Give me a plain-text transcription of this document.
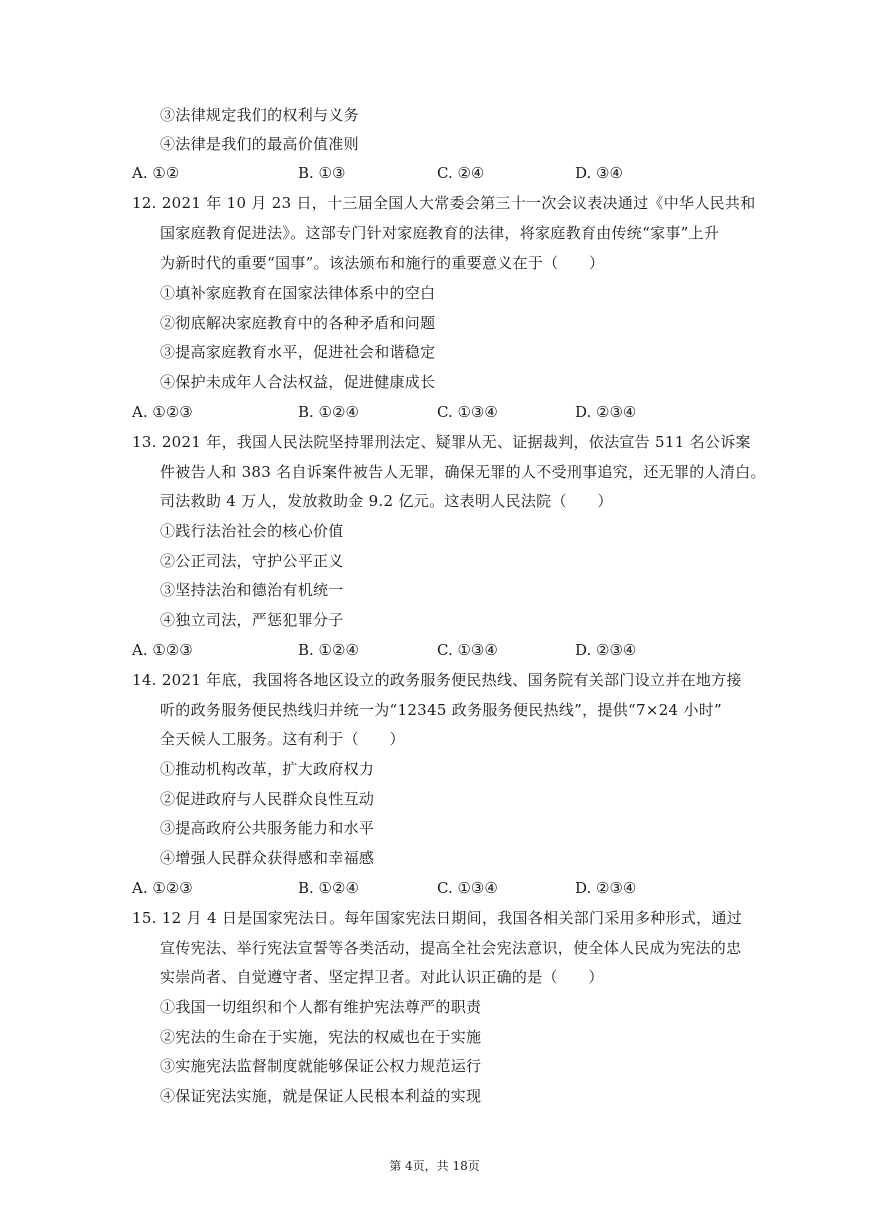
③法律规定我们的权利与义务
④法律是我们的最高价值准则
A. ①②	B. ①③	C. ②④	D. ③④
12. 2021 年 10 月 23 日，十三届全国人大常委会第三十一次会议表决通过《中华人民共和
国家庭教育促进法》。这部专门针对家庭教育的法律，将家庭教育由传统“家事”上升
为新时代的重要“国事”。该法颁布和施行的重要意义在于（　　）
①填补家庭教育在国家法律体系中的空白
②彻底解决家庭教育中的各种矛盾和问题
③提高家庭教育水平，促进社会和谐稳定
④保护未成年人合法权益，促进健康成长
A. ①②③	B. ①②④	C. ①③④	D. ②③④
13. 2021 年，我国人民法院坚持罪刑法定、疑罪从无、证据裁判，依法宣告 511 名公诉案
件被告人和 383 名自诉案件被告人无罪，确保无罪的人不受刑事追究，还无罪的人清白。
司法救助 4 万人，发放救助金 9.2 亿元。这表明人民法院（　　）
①践行法治社会的核心价值
②公正司法，守护公平正义
③坚持法治和德治有机统一
④独立司法，严惩犯罪分子
A. ①②③	B. ①②④	C. ①③④	D. ②③④
14. 2021 年底，我国将各地区设立的政务服务便民热线、国务院有关部门设立并在地方接
听的政务服务便民热线归并统一为“12345 政务服务便民热线”，提供“7×24 小时”
全天候人工服务。这有利于（　　）
①推动机构改革，扩大政府权力
②促进政府与人民群众良性互动
③提高政府公共服务能力和水平
④增强人民群众获得感和幸福感
A. ①②③	B. ①②④	C. ①③④	D. ②③④
15. 12 月 4 日是国家宪法日。每年国家宪法日期间，我国各相关部门采用多种形式，通过
宣传宪法、举行宪法宣誓等各类活动，提高全社会宪法意识，使全体人民成为宪法的忠
实崇尚者、自觉遵守者、坚定捍卫者。对此认识正确的是（　　）
①我国一切组织和个人都有维护宪法尊严的职责
②宪法的生命在于实施，宪法的权威也在于实施
③实施宪法监督制度就能够保证公权力规范运行
④保证宪法实施，就是保证人民根本利益的实现
第 4页，共 18页
